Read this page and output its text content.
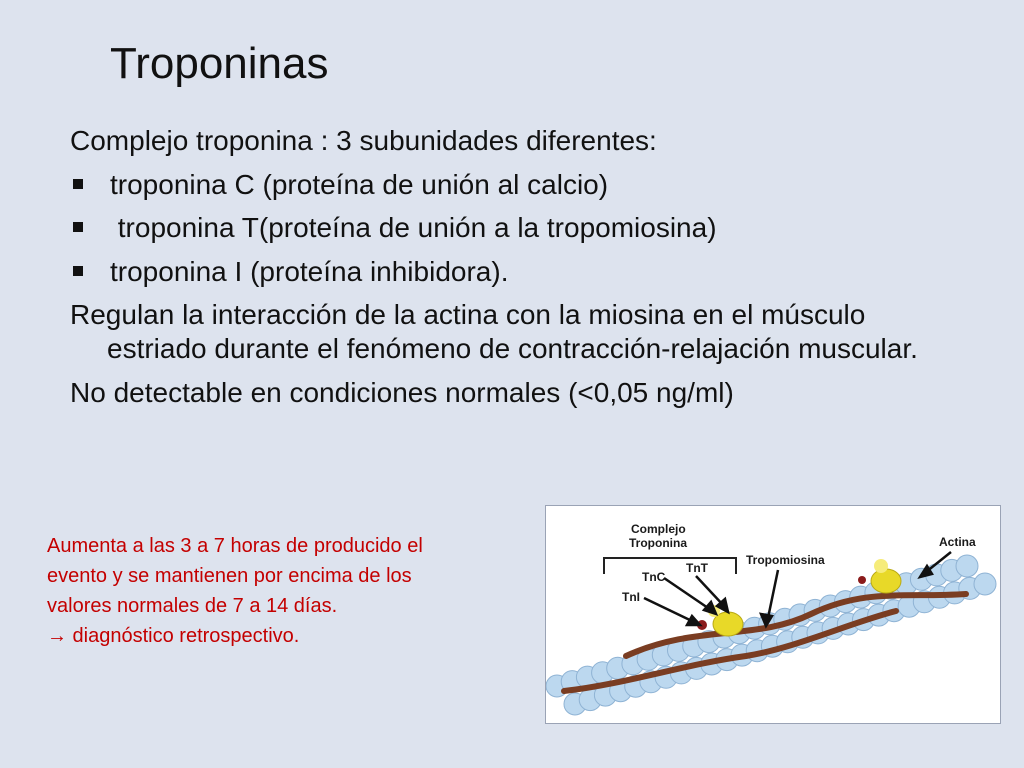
Troponinas

Complejo troponina : 3 subunidades diferentes:

troponina C (proteína de unión al calcio)
troponina T(proteína de unión a la tropomiosina)
troponina I (proteína inhibidora).

Regulan la interacción de la actina con la miosina en el músculo estriado durante el fenómeno de contracción-relajación muscular.

No detectable en condiciones normales (<0,05 ng/ml)

Aumenta a las 3 a 7 horas de producido el

evento y se mantienen por encima de los

valores normales de 7 a 14 días.

→ diagnóstico retrospectivo.

Complejo
Troponina
TnC
TnT
TnI
Tropomiosina
Actina
